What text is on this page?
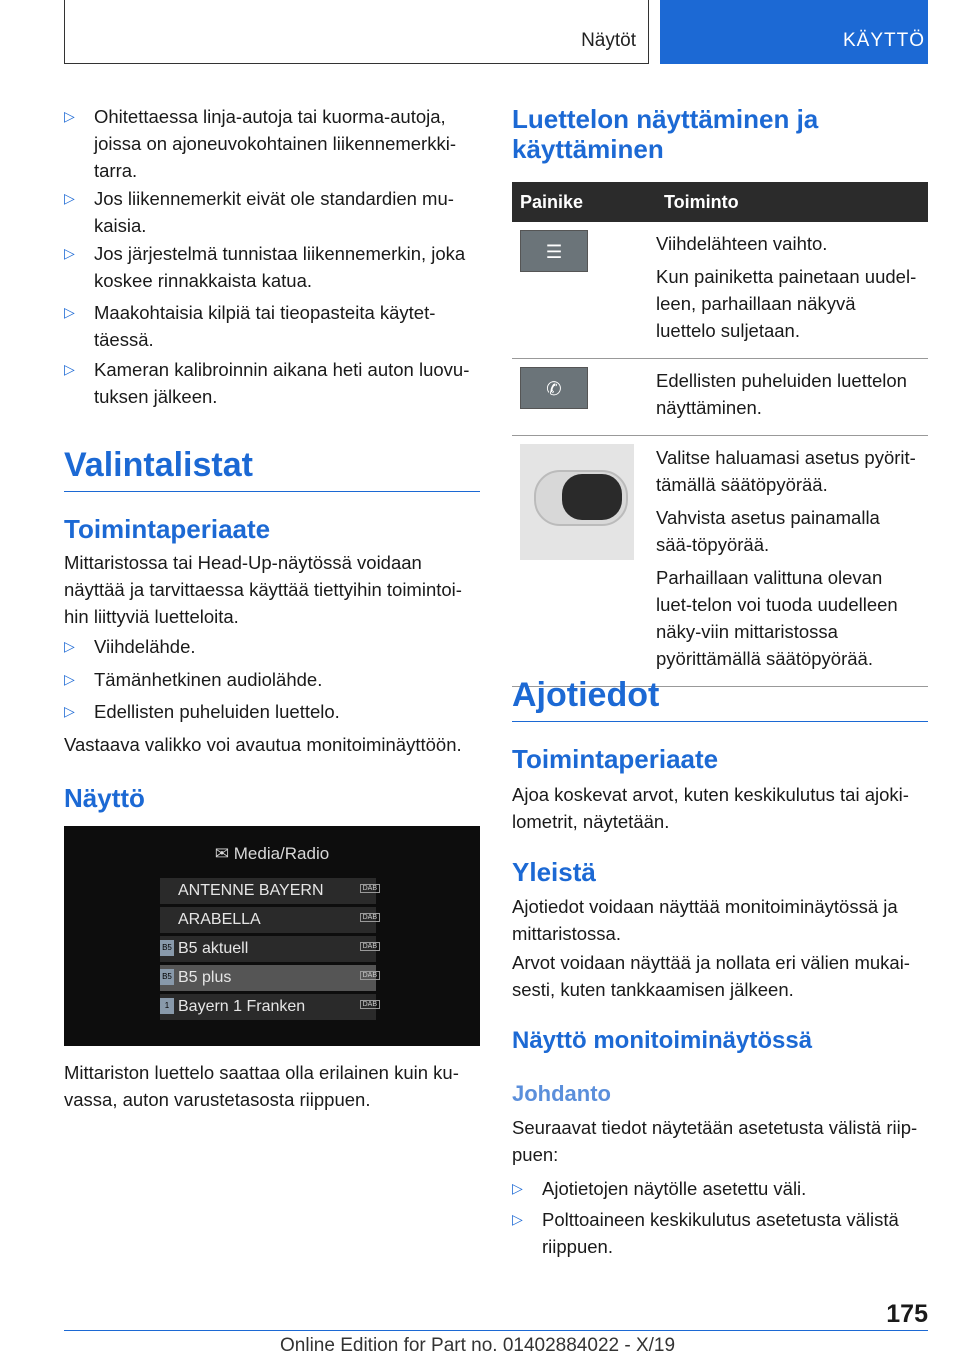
Näytöt	KÄYTTÖ
▷	Ohitettaessa linja-autoja tai kuorma-autoja, joissa on ajoneuvokohtainen liikennemerkki-tarra.
▷	Jos liikennemerkit eivät ole standardien mu-kaisia.
▷	Jos järjestelmä tunnistaa liikennemerkin, joka koskee rinnakkaista katua.
▷	Maakohtaisia kilpiä tai tieopasteita käytet-täessä.
▷	Kameran kalibroinnin aikana heti auton luovu-tuksen jälkeen.
Valintalistat
Toimintaperiaate
Mittaristossa tai Head-Up-näytössä voidaan näyttää ja tarvittaessa käyttää tiettyihin toimintoi-hin liittyviä luetteloita.
▷	Viihdelähde.
▷	Tämänhetkinen audiolähde.
▷	Edellisten puheluiden luettelo.
Vastaava valikko voi avautua monitoiminäyttöön.
Näyttö
✉ Media/Radio
ANTENNE BAYERN	DAB
ARABELLA	DAB
B5 B5 aktuell	DAB
B5 B5 plus	DAB
1 Bayern 1 Franken	DAB
Mittariston luettelo saattaa olla erilainen kuin ku-vassa, auton varustetasosta riippuen.
Luettelon näyttäminen ja käyttäminen
Painike	Toiminto

☰	Viihdelähteen vaihto.

Kun painiketta painetaan uudel-leen, parhaillaan näkyvä luettelo suljetaan.

✆	Edellisten puheluiden luettelon näyttäminen.

	Valitse haluamasi asetus pyörit-tämällä säätöpyörää.

Vahvista asetus painamalla sää-töpyörää.

Parhaillaan valittuna olevan luet-telon voi tuoda uudelleen näky-viin mittaristossa pyörittämällä säätöpyörää.

Ajotiedot
Toimintaperiaate
Ajoa koskevat arvot, kuten keskikulutus tai ajoki-lometrit, näytetään.
Yleistä
Ajotiedot voidaan näyttää monitoiminäytössä ja mittaristossa.
Arvot voidaan näyttää ja nollata eri välien mukai-sesti, kuten tankkaamisen jälkeen.
Näyttö monitoiminäytössä
Johdanto
Seuraavat tiedot näytetään asetetusta välistä riip-puen:
▷	Ajotietojen näytölle asetettu väli.
▷	Polttoaineen keskikulutus asetetusta välistä riippuen.
175
Online Edition for Part no. 01402884022 - X/19
